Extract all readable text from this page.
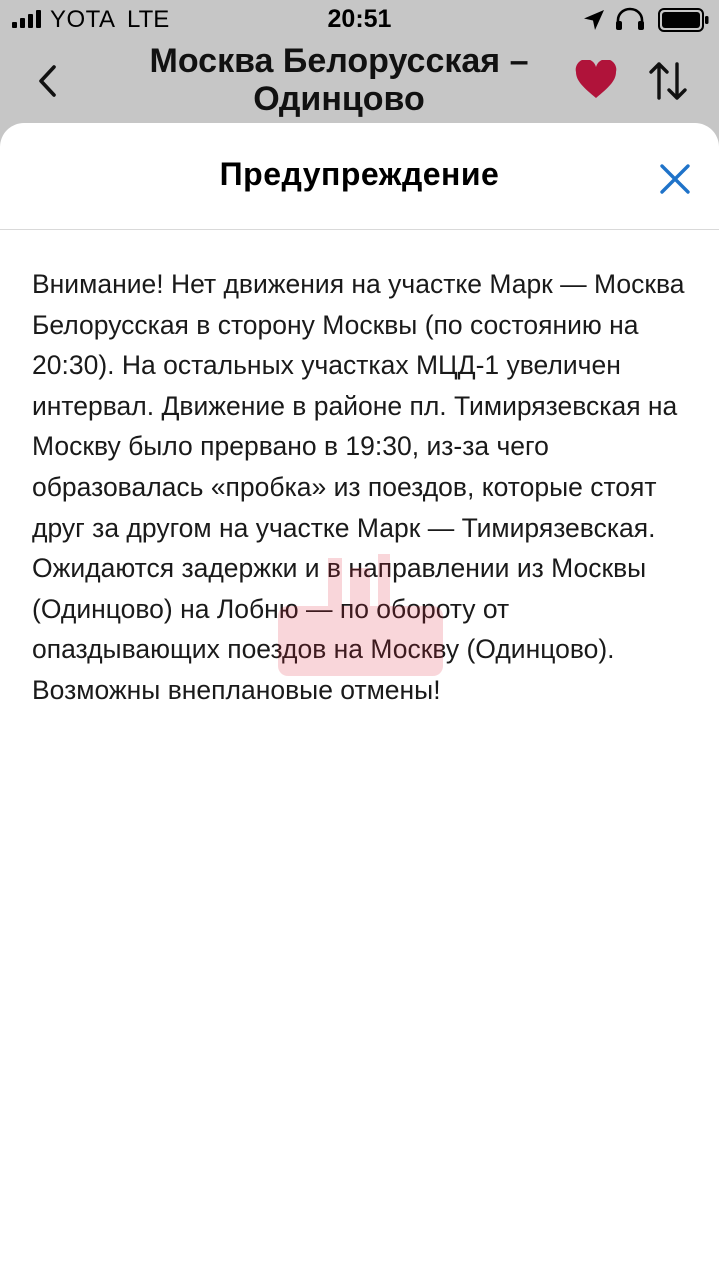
YOTA LTE	20:51
Москва Белорусская – Одинцово
Предупреждение

Внимание! Нет движения на участке Марк — Москва Белорусская в сторону Москвы (по состоянию на 20:30). На остальных участках МЦД-1 увеличен интервал. Движение в районе пл. Тимирязевская на Москву было прервано в 19:30, из-за чего образовалась «пробка» из поездов, которые стоят друг за другом на участке Марк — Тимирязевская. Ожидаются задержки и в направлении из Москвы (Одинцово) на Лобню — по обороту от опаздывающих поездов на Москву (Одинцово). Возможны внеплановые отмены!
